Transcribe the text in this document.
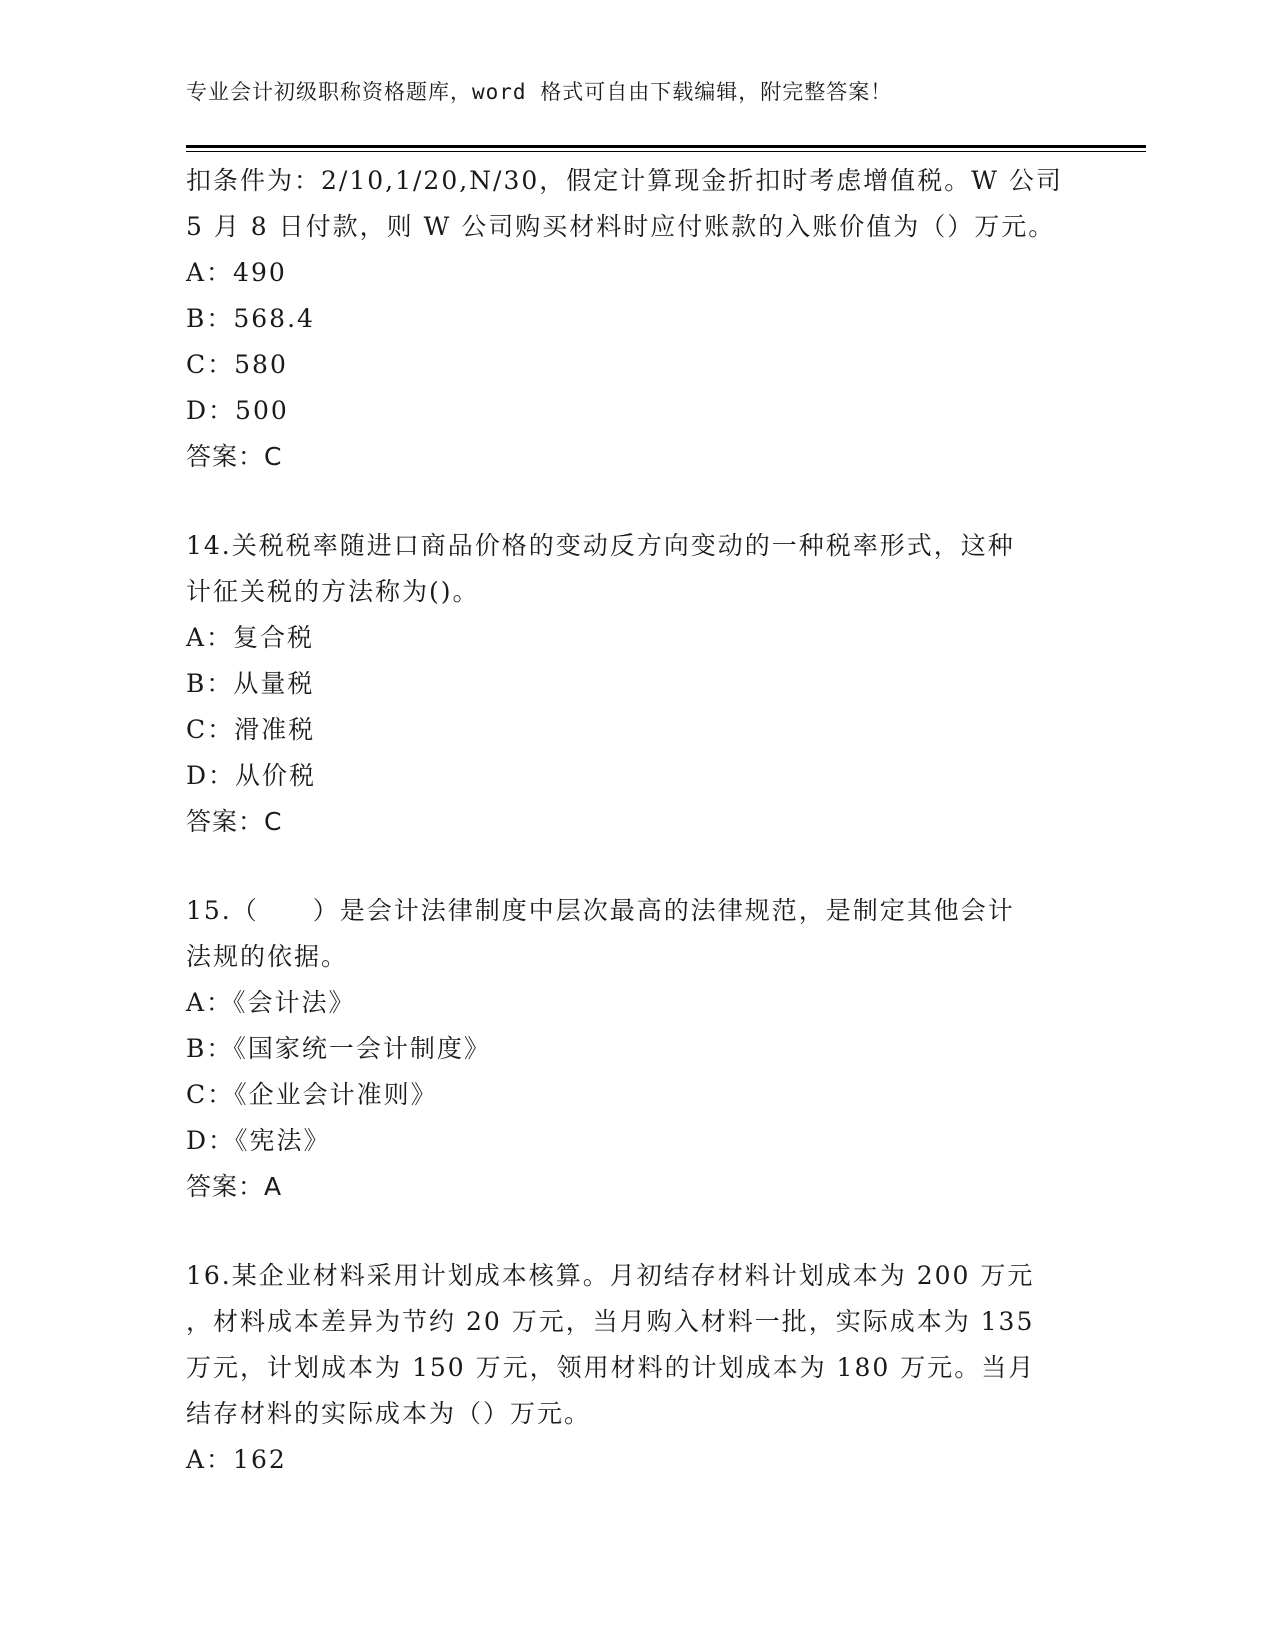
专业会计初级职称资格题库，word 格式可自由下载编辑，附完整答案！
扣条件为：2/10,1/20,N/30，假定计算现金折扣时考虑增值税。W 公司
5 月 8 日付款，则 W 公司购买材料时应付账款的入账价值为（）万元。
A：490
B：568.4
C：580
D：500
答案：C
14.关税税率随进口商品价格的变动反方向变动的一种税率形式，这种
计征关税的方法称为()。
A：复合税
B：从量税
C：滑准税
D：从价税
答案：C
15.（　　）是会计法律制度中层次最高的法律规范，是制定其他会计
法规的依据。
A：《会计法》
B：《国家统一会计制度》
C：《企业会计准则》
D：《宪法》
答案：A
16.某企业材料采用计划成本核算。月初结存材料计划成本为 200 万元
，材料成本差异为节约 20 万元，当月购入材料一批，实际成本为 135
万元，计划成本为 150 万元，领用材料的计划成本为 180 万元。当月
结存材料的实际成本为（）万元。
A：162
